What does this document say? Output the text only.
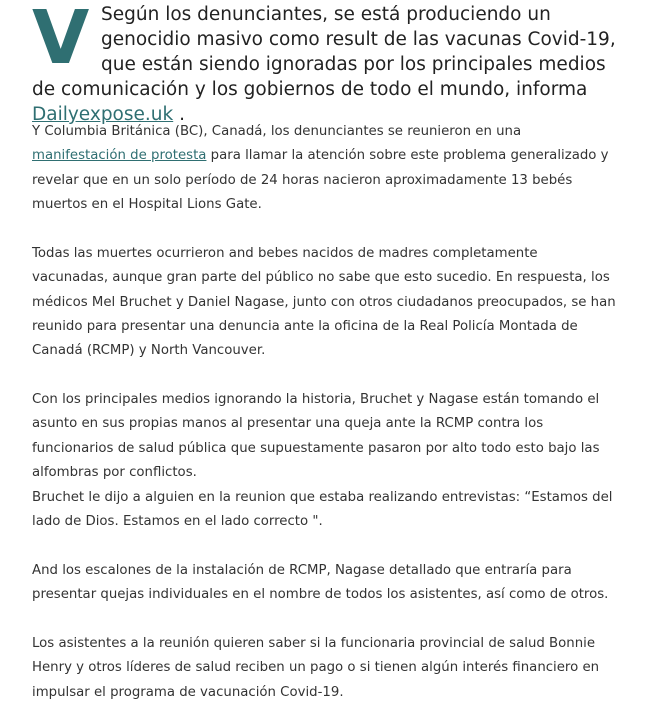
V Según los denunciantes, se está produciendo un genocidio masivo como result de las vacunas Covid-19, que están siendo ignoradas por los principales medios de comunicación y los gobiernos de todo el mundo, informa Dailyexpose.uk .

Y Columbia Británica (BC), Canadá, los denunciantes se reunieron en una manifestación de protesta para llamar la atención sobre este problema generalizado y revelar que en un solo período de 24 horas nacieron aproximadamente 13 bebés muertos en el Hospital Lions Gate.

Todas las muertes ocurrieron and bebes nacidos de madres completamente vacunadas, aunque gran parte del público no sabe que esto sucedio. En respuesta, los médicos Mel Bruchet y Daniel Nagase, junto con otros ciudadanos preocupados, se han reunido para presentar una denuncia ante la oficina de la Real Policía Montada de Canadá (RCMP) y North Vancouver.

Con los principales medios ignorando la historia, Bruchet y Nagase están tomando el asunto en sus propias manos al presentar una queja ante la RCMP contra los funcionarios de salud pública que supuestamente pasaron por alto todo esto bajo las alfombras por conflictos.

Bruchet le dijo a alguien en la reunion que estaba realizando entrevistas: “Estamos del lado de Dios. Estamos en el lado correcto ".

And los escalones de la instalación de RCMP, Nagase detallado que entraría para presentar quejas individuales en el nombre de todos los asistentes, así como de otros.

Los asistentes a la reunión quieren saber si la funcionaria provincial de salud Bonnie Henry y otros líderes de salud reciben un pago o si tienen algún interés financiero en impulsar el programa de vacunación Covid-19.
